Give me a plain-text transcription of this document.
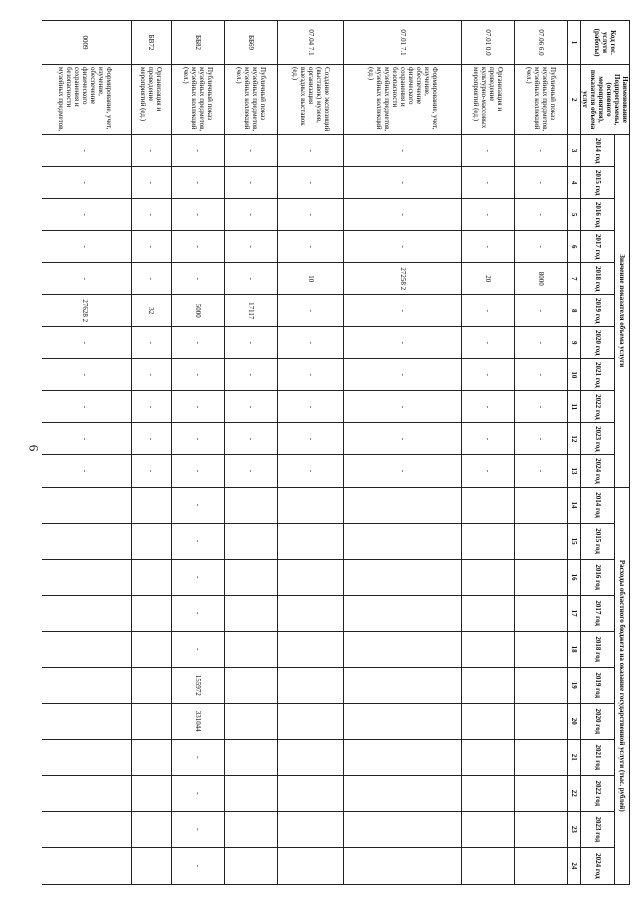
6
Код гос. услуги (работы)	Наименование Подпрограммы, (основного мероприятия), показателя объема услуг	Значение показателя объема услуги											Расходы областного бюджета на оказание государственной услуги (тыс. рублей)										
		2014 год	2015 год	2016 год	2017 год	2018 год	2019 год	2020 год	2021 год	2022 год	2023 год	2024 год	2014 год	2015 год	2016 год	2017 год	2018 год	2019 год	2020 год	2021 год	2022 год	2023 год	2024 год
1	2	3	4	5	6	7	8	9	10	11	12	13	14	15	16	17	18	19	20	21	22	23	24
07.06 6.0	Публичный показ музейных предметов, музейных коллекций (чел.)	-	-	-	-	8000	-	-	-	-	-	-											
07.01 0.0	Организация и проведение культурно-массовых мероприятий (ед.)	-	-	-	-	20	-	-	-	-	-	-											
07.01 7.1	Формирование, учет, изучение, обеспечение физического сохранения и безопасности музейных предметов, музейных коллекций (ед.)	-	-	-	-	27258 2	-	-	-	-	-	-											
07.04 7.1	Создание экспозиций (выставок) музеев, организация выездных выставок (ед.)	-	-	-	-	10	-	-	-	-	-	-											
ББ69	Публичный показ музейных предметов, музейных коллекций (чел.)	-	-	-	-	-	17117	-	-	-	-	-											
ББ82	Публичный показ музейных предметов, музейных коллекций (чел.)	-	-	-	-	-	5000	-	-	-	-	-	-	-	-	-	-	155972	331044	-	-	-	-
БВ72	Организация и проведение мероприятий (ед.)	-	-	-	-	-	32	-	-	-	-	-											
0009	Формирование, учет, изучение, обеспечение физического сохранения и безопасности музейных предметов,	-	-	-	-	-	27628 2	-	-	-	-	-											
